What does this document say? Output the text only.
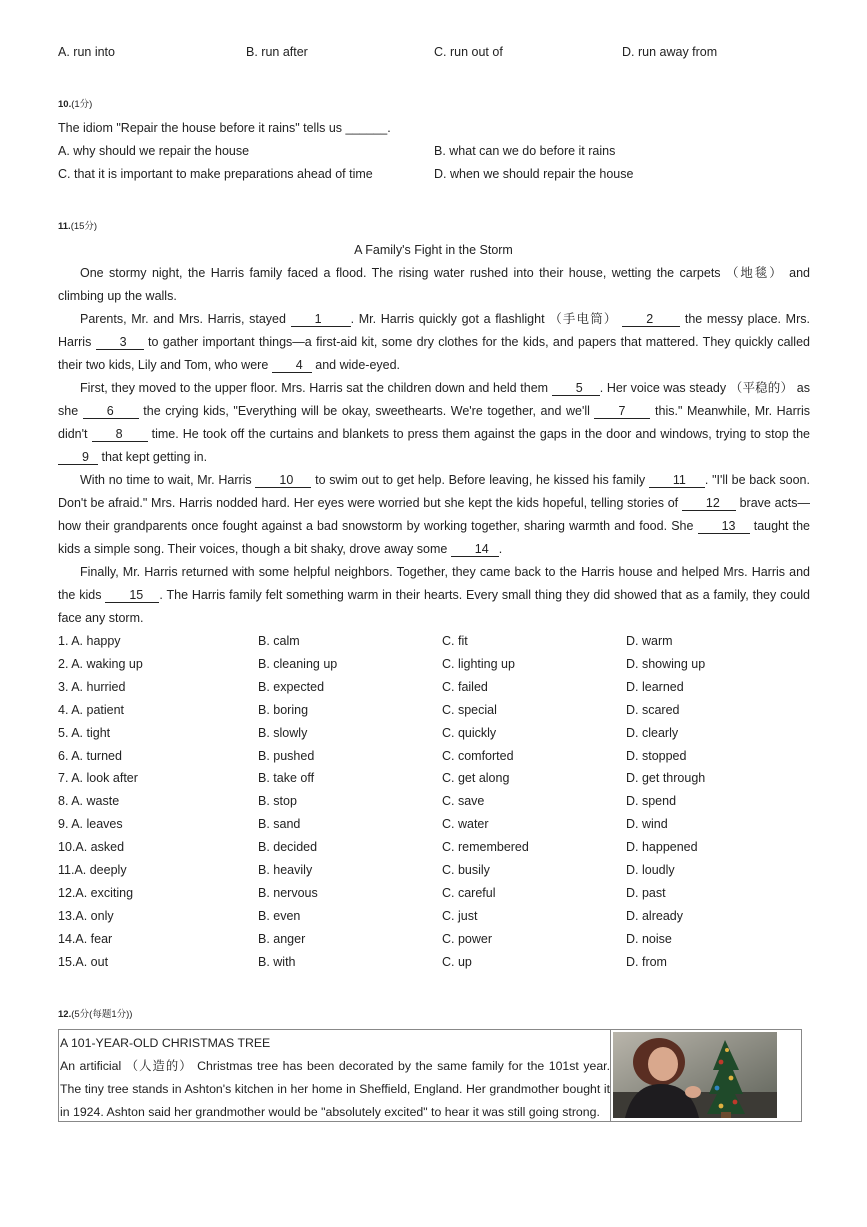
A. run into	B. run after	C. run out of	D. run away from
10.(1分)
The idiom "Repair the house before it rains" tells us ______.
A. why should we repair the house	B. what can we do before it rains
C. that it is important to make preparations ahead of time	D. when we should repair the house
11.(15分)
A Family's Fight in the Storm
One stormy night, the Harris family faced a flood. The rising water rushed into their house, wetting the carpets （地毯） and climbing up the walls.
Parents, Mr. and Mrs. Harris, stayed 1 . Mr. Harris quickly got a flashlight （手电筒） 2 the messy place. Mrs. Harris 3 to gather important things—a first-aid kit, some dry clothes for the kids, and papers that mattered. They quickly called their two kids, Lily and Tom, who were 4 and wide-eyed.
First, they moved to the upper floor. Mrs. Harris sat the children down and held them 5 . Her voice was steady （平稳的） as she 6 the crying kids, "Everything will be okay, sweethearts. We're together, and we'll 7 this." Meanwhile, Mr. Harris didn't 8 time. He took off the curtains and blankets to press them against the gaps in the door and windows, trying to stop the 9 that kept getting in.
With no time to wait, Mr. Harris 10 to swim out to get help. Before leaving, he kissed his family 11 . "I'll be back soon. Don't be afraid." Mrs. Harris nodded hard. Her eyes were worried but she kept the kids hopeful, telling stories of 12 brave acts—how their grandparents once fought against a bad snowstorm by working together, sharing warmth and food. She 13 taught the kids a simple song. Their voices, though a bit shaky, drove away some 14 .
Finally, Mr. Harris returned with some helpful neighbors. Together, they came back to the Harris house and helped Mrs. Harris and the kids 15 . The Harris family felt something warm in their hearts. Every small thing they did showed that as a family, they could face any storm.
1. A. happy	B. calm	C. fit	D. warm
2. A. waking up	B. cleaning up	C. lighting up	D. showing up
3. A. hurried	B. expected	C. failed	D. learned
4. A. patient	B. boring	C. special	D. scared
5. A. tight	B. slowly	C. quickly	D. clearly
6. A. turned	B. pushed	C. comforted	D. stopped
7. A. look after	B. take off	C. get along	D. get through
8. A. waste	B. stop	C. save	D. spend
9. A. leaves	B. sand	C. water	D. wind
10.A. asked	B. decided	C. remembered	D. happened
11.A. deeply	B. heavily	C. busily	D. loudly
12.A. exciting	B. nervous	C. careful	D. past
13.A. only	B. even	C. just	D. already
14.A. fear	B. anger	C. power	D. noise
15.A. out	B. with	C. up	D. from
12.(5分(每题1分))
A 101-YEAR-OLD CHRISTMAS TREE
An artificial （人造的） Christmas tree has been decorated by the same family for the 101st year. The tiny tree stands in Ashton's kitchen in her home in Sheffield, England. Her grandmother bought it in 1924. Ashton said her grandmother would be "absolutely excited" to hear it was still going strong.
